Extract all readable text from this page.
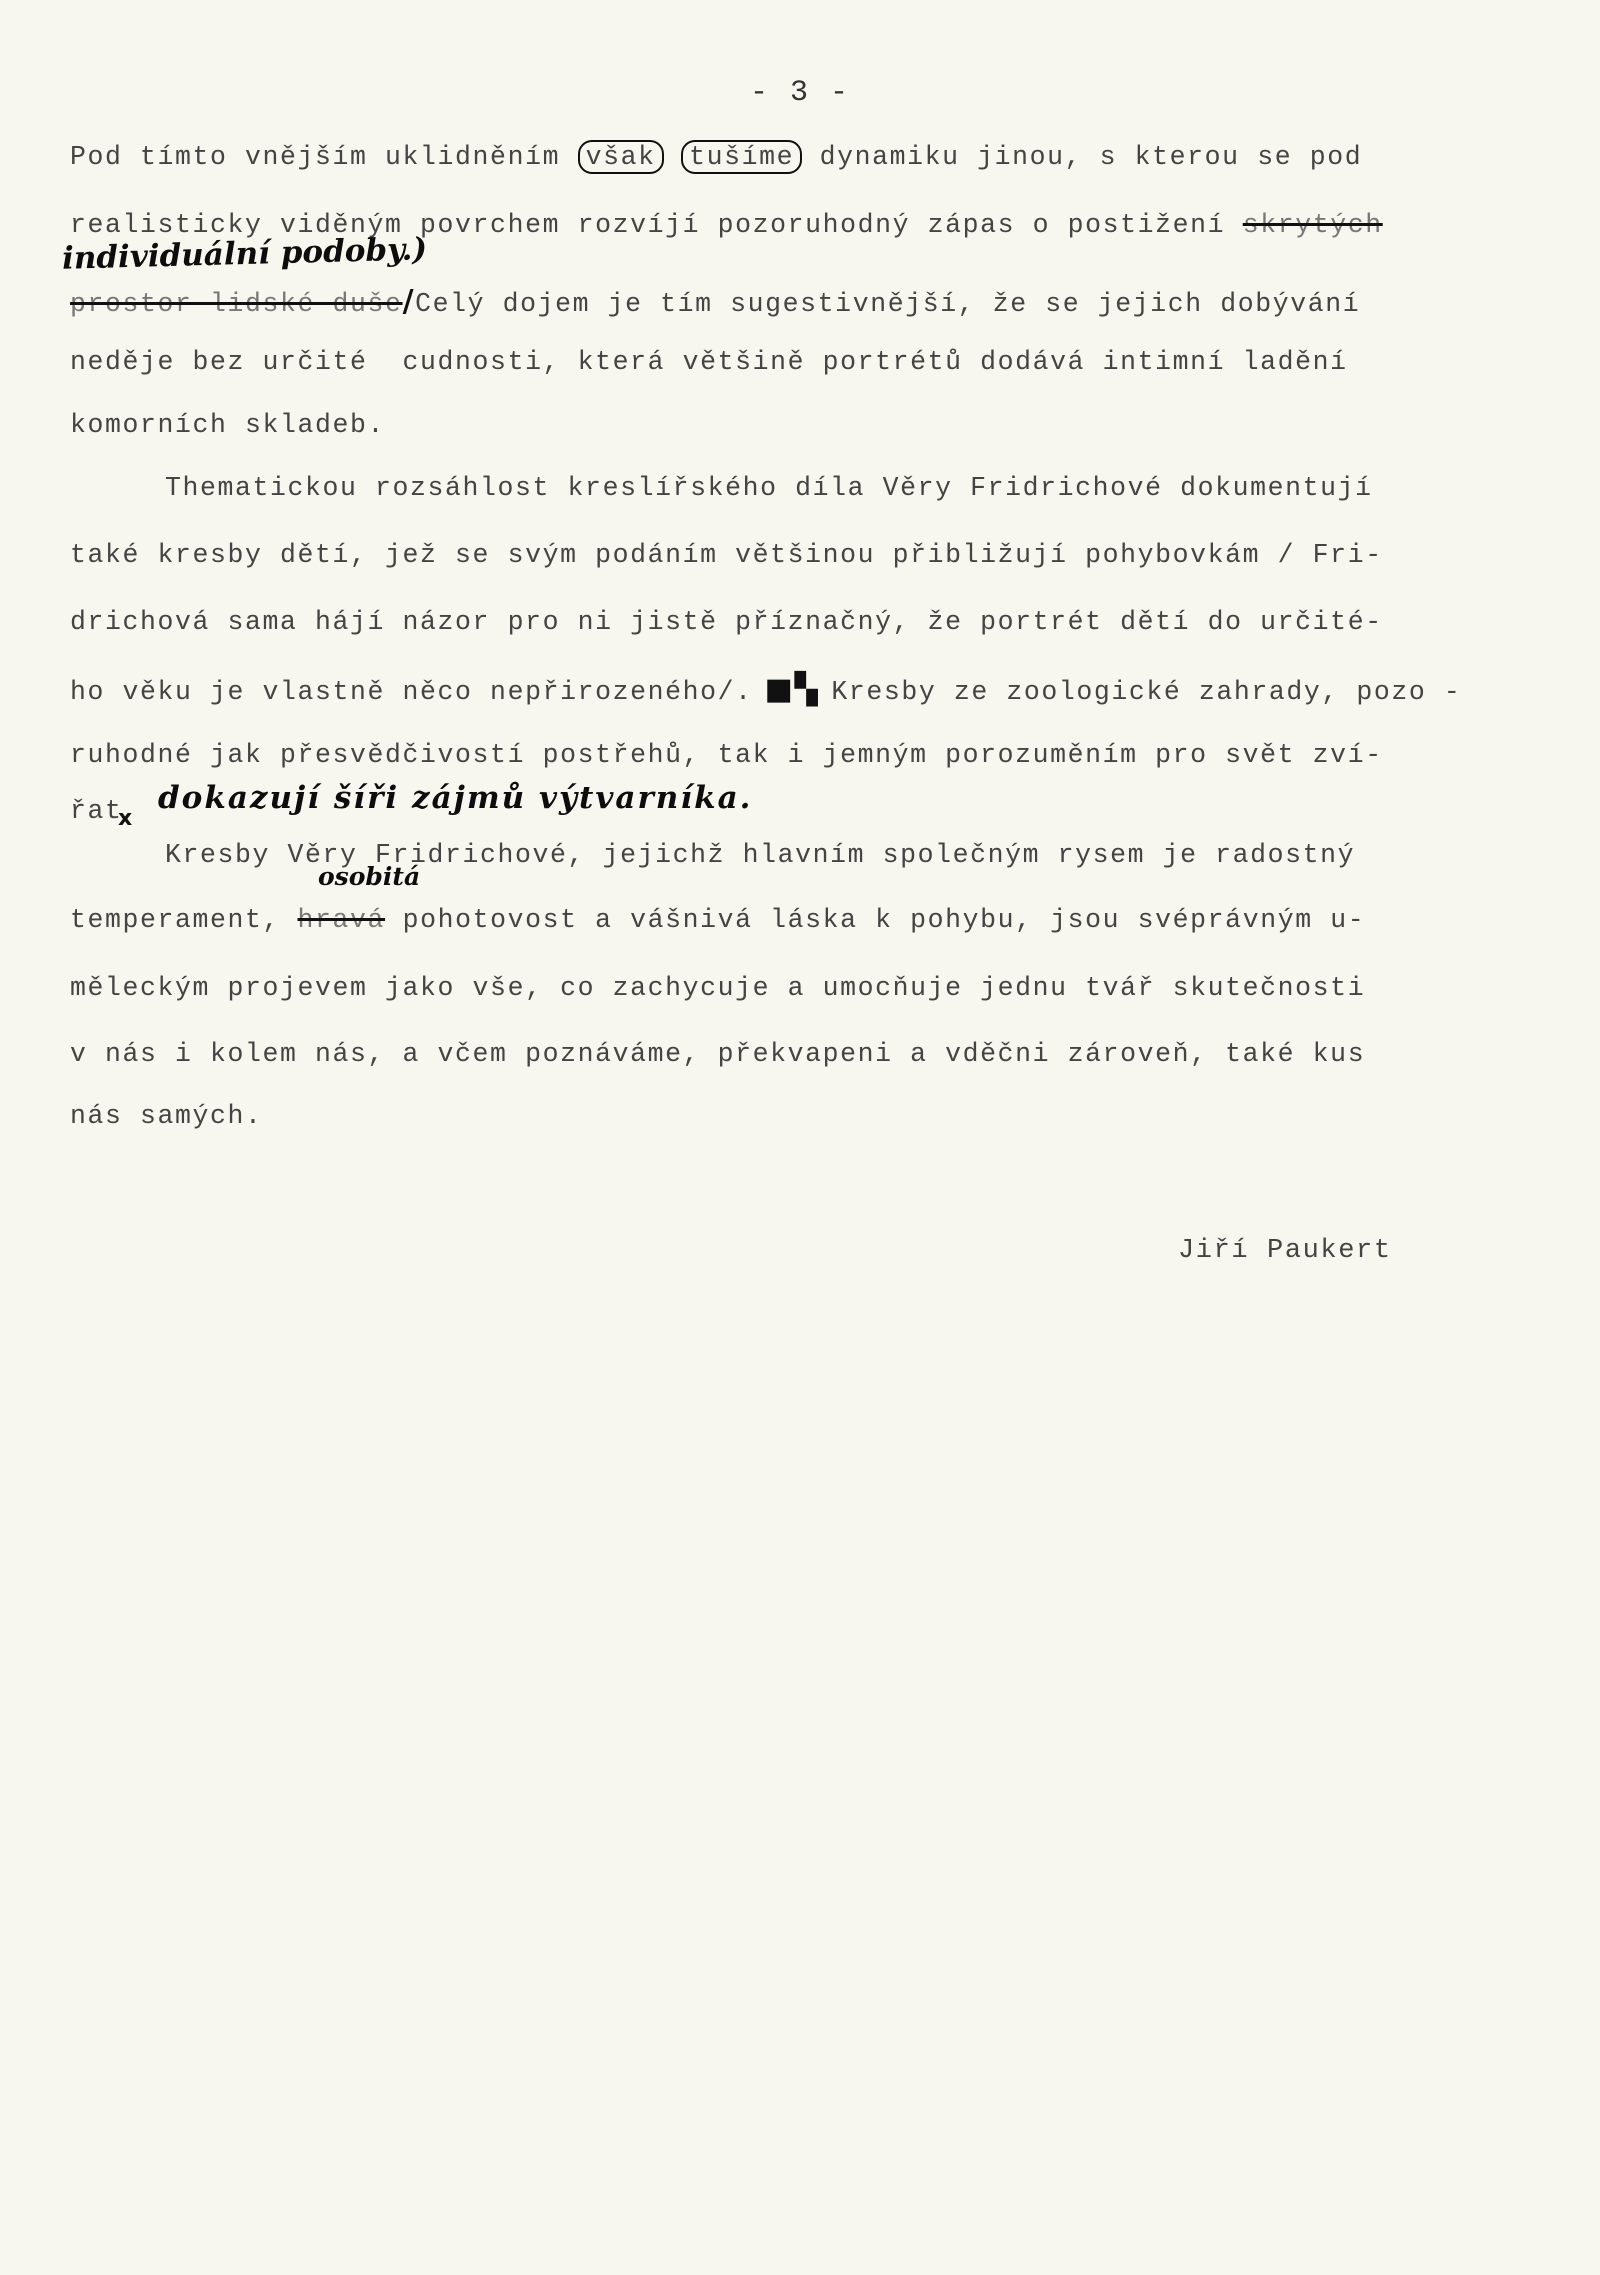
- 3 -
Pod tímto vnějším uklidněním však tušíme dynamiku jinou, s kterou se pod
realisticky viděným povrchem rozvíjí pozoruhodný zápas o postižení skrytých
individuální podoby.)
prostor lidské duše/Celý dojem je tím sugestivnější, že se jejich dobývání
neděje bez určité  cudnosti, která většině portrétů dodává intimní ladění
komorních skladeb.
Thematickou rozsáhlost kreslířského díla Věry Fridrichové dokumentují
také kresby dětí, jež se svým podáním většinou přibližují pohybovkám / Fri-
drichová sama hájí názor pro ni jistě příznačný, že portrét dětí do určité-
ho věku je vlastně něco nepřirozeného/. ■▚ Kresby ze zoologické zahrady, pozo -
ruhodné jak přesvědčivostí postřehů, tak i jemným porozuměním pro svět zví-
řat
x
dokazují šíři zájmů výtvarníka.
Kresby Věry Fridrichové, jejichž hlavním společným rysem je radostný
osobitá
temperament, hravá pohotovost a vášnivá láska k pohybu, jsou svéprávným u-
měleckým projevem jako vše, co zachycuje a umocňuje jednu tvář skutečnosti
v nás i kolem nás, a včem poznáváme, překvapeni a vděčni zároveň, také kus
nás samých.
Jiří Paukert
